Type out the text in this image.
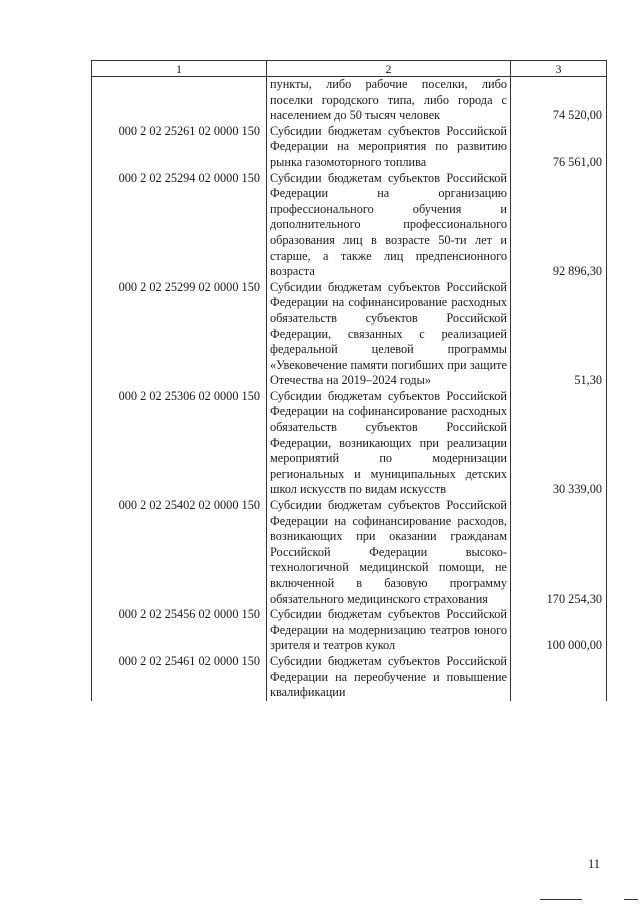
1	2	3
	пункты, либо рабочие поселки, либо поселки городского типа, либо города с населением до 50 тысяч человек	74 520,00
000 2 02 25261 02 0000 150	Субсидии бюджетам субъектов Российской Федерации на мероприятия по развитию рынка газомоторного топлива	76 561,00
000 2 02 25294 02 0000 150	Субсидии бюджетам субъектов Российской Федерации на организацию профессионального обучения и дополнительного профессионального образования лиц в возрасте 50-ти лет и старше, а также лиц предпенсионного возраста	92 896,30
000 2 02 25299 02 0000 150	Субсидии бюджетам субъектов Российской Федерации на софинансирование расходных обязательств субъектов Российской Федерации, связанных с реализацией федеральной целевой программы «Увековечение памяти погибших при защите Отечества на 2019–2024 годы»	51,30
000 2 02 25306 02 0000 150	Субсидии бюджетам субъектов Российской Федерации на софинансирование расходных обязательств субъектов Российской Федерации, возникающих при реализации мероприятий по модернизации региональных и муниципальных детских школ искусств по видам искусств	30 339,00
000 2 02 25402 02 0000 150	Субсидии бюджетам субъектов Российской Федерации на софинансирование расходов, возникающих при оказании гражданам Российской Федерации высокотехнологичной медицинской помощи, не включенной в базовую программу обязательного медицинского страхования	170 254,30
000 2 02 25456 02 0000 150	Субсидии бюджетам субъектов Российской Федерации на модернизацию театров юного зрителя и театров кукол	100 000,00
000 2 02 25461 02 0000 150	Субсидии бюджетам субъектов Российской Федерации на переобучение и повышение квалификации	
11
